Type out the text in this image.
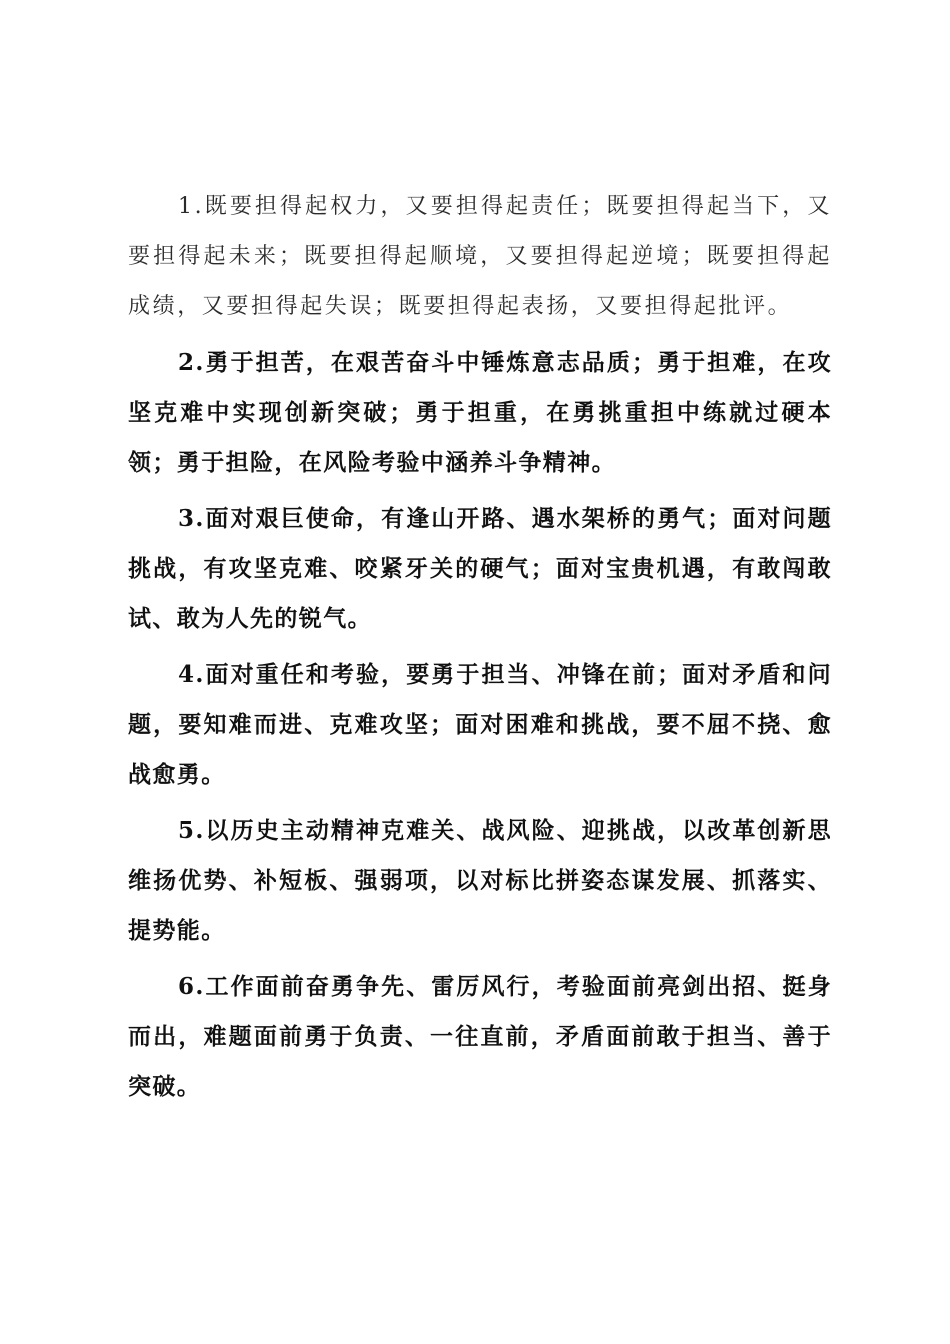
1.既要担得起权力，又要担得起责任；既要担得起当下，又要担得起未来；既要担得起顺境，又要担得起逆境；既要担得起成绩，又要担得起失误；既要担得起表扬，又要担得起批评。

2.勇于担苦，在艰苦奋斗中锤炼意志品质；勇于担难，在攻坚克难中实现创新突破；勇于担重，在勇挑重担中练就过硬本领；勇于担险，在风险考验中涵养斗争精神。

3.面对艰巨使命，有逢山开路、遇水架桥的勇气；面对问题挑战，有攻坚克难、咬紧牙关的硬气；面对宝贵机遇，有敢闯敢试、敢为人先的锐气。

4.面对重任和考验，要勇于担当、冲锋在前；面对矛盾和问题，要知难而进、克难攻坚；面对困难和挑战，要不屈不挠、愈战愈勇。

5.以历史主动精神克难关、战风险、迎挑战，以改革创新思维扬优势、补短板、强弱项，以对标比拼姿态谋发展、抓落实、提势能。

6.工作面前奋勇争先、雷厉风行，考验面前亮剑出招、挺身而出，难题面前勇于负责、一往直前，矛盾面前敢于担当、善于突破。
